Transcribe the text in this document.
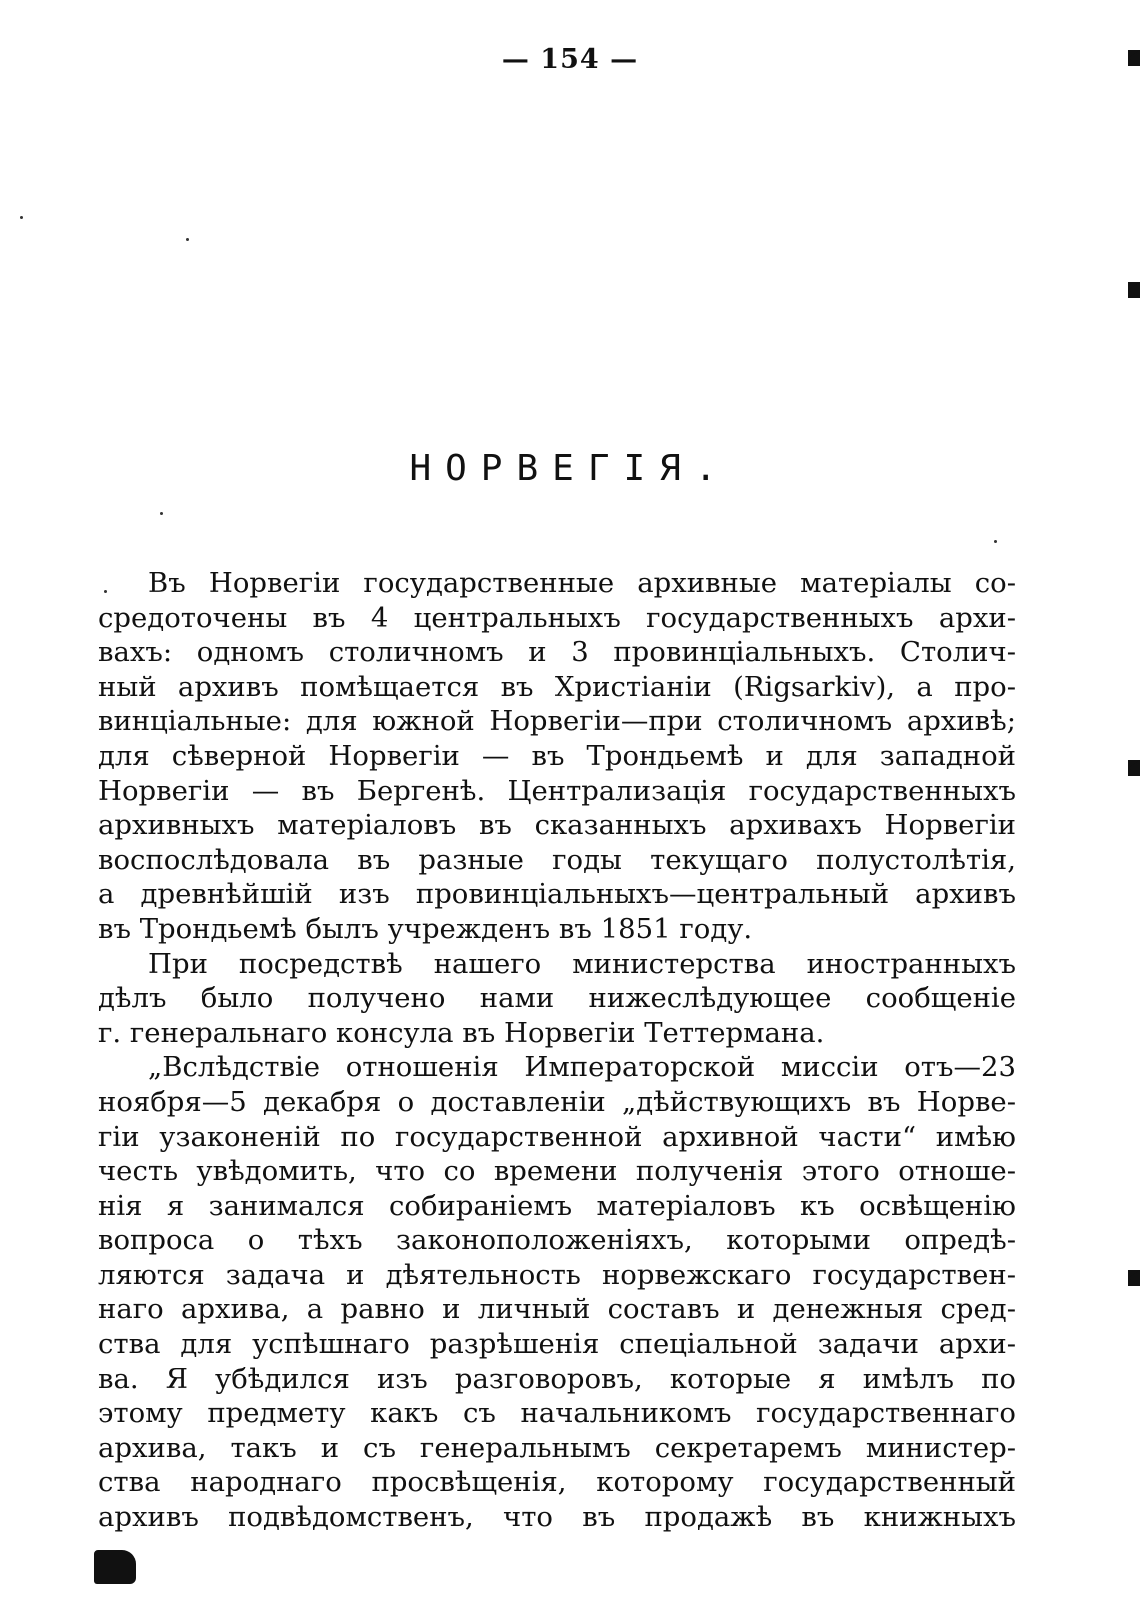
— 154 —
НОРВЕГIЯ.
Въ Норвегiи государственные архивные матерiалы со-
средоточены въ 4 центральныхъ государственныхъ архи-
вахъ: одномъ столичномъ и 3 провинцiальныхъ. Столич-
ный архивъ помѣщается въ Христiанiи (Rigsarkiv), а про-
винцiальные: для южной Норвегiи—при столичномъ архивѣ;
для сѣверной Норвегiи — въ Трондьемѣ и для западной
Норвегiи — въ Бергенѣ. Централизацiя государственныхъ
архивныхъ матерiаловъ въ сказанныхъ архивахъ Норвегiи
воспослѣдовала въ разные годы текущаго полустолѣтiя,
а древнѣйшiй изъ провинцiальныхъ—центральный архивъ
въ Трондьемѣ былъ учрежденъ въ 1851 году.
При посредствѣ нашего министерства иностранныхъ
дѣлъ было получено нами нижеслѣдующее сообщенiе
г. генеральнаго консула въ Норвегiи Теттермана.
„Вслѣдствiе отношенiя Императорской миссiи отъ—23
ноября—5 декабря о доставленiи „дѣйствующихъ въ Норве-
гiи узаконенiй по государственной архивной части“ имѣю
честь увѣдомить, что со времени полученiя этого отноше-
нiя я занимался собиранiемъ матерiаловъ къ освѣщенiю
вопроса о тѣхъ законоположенiяхъ, которыми опредѣ-
ляются задача и дѣятельность норвежскаго государствен-
наго архива, а равно и личный составъ и денежныя сред-
ства для успѣшнаго разрѣшенiя спецiальной задачи архи-
ва. Я убѣдился изъ разговоровъ, которые я имѣлъ по
этому предмету какъ съ начальникомъ государственнаго
архива, такъ и съ генеральнымъ секретаремъ министер-
ства народнаго просвѣщенiя, которому государственный
архивъ подвѣдомственъ, что въ продажѣ въ книжныхъ
